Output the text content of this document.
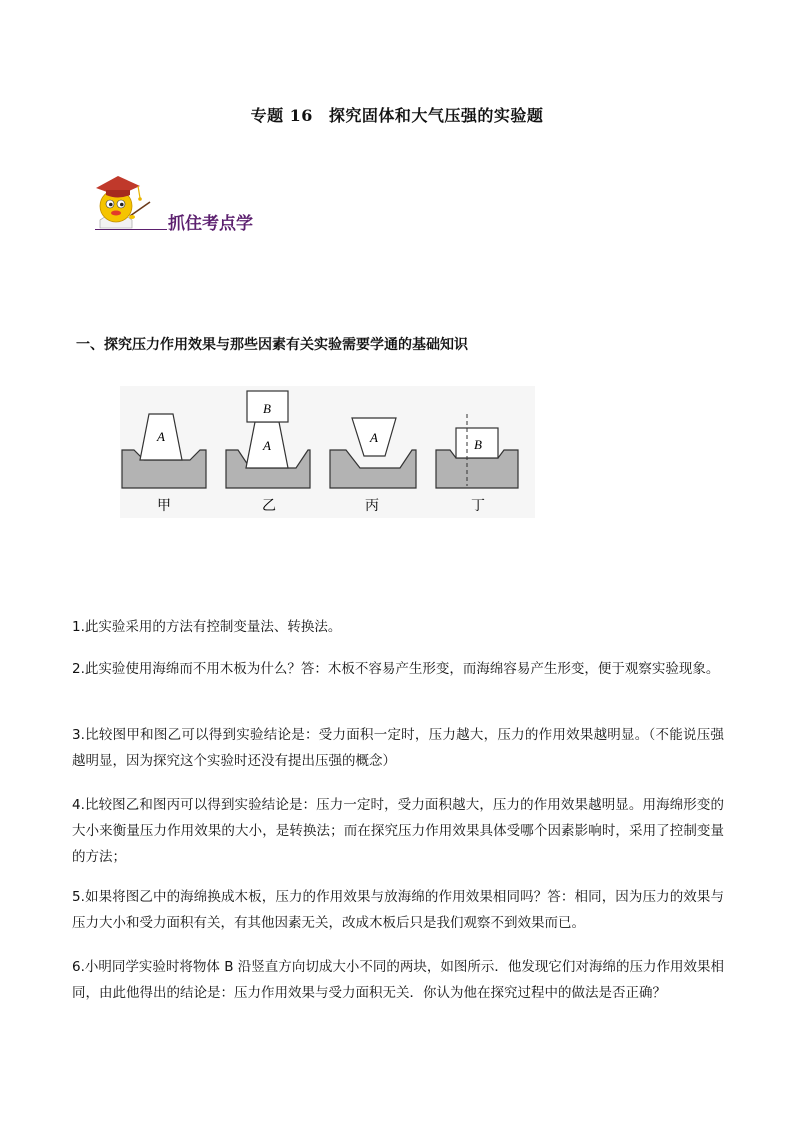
专题 16 探究固体和大气压强的实验题
抓住考点学
一、探究压力作用效果与那些因素有关实验需要学通的基础知识
A
甲
B
A
乙
A
丙
B
丁

1.此实验采用的方法有控制变量法、转换法。

2.此实验使用海绵而不用木板为什么？答：木板不容易产生形变，而海绵容易产生形变，便于观察实验现象。

3.比较图甲和图乙可以得到实验结论是：受力面积一定时，压力越大，压力的作用效果越明显。（不能说压强越明显，因为探究这个实验时还没有提出压强的概念）

4.比较图乙和图丙可以得到实验结论是：压力一定时，受力面积越大，压力的作用效果越明显。用海绵形变的大小来衡量压力作用效果的大小，是转换法；而在探究压力作用效果具体受哪个因素影响时，采用了控制变量的方法；

5.如果将图乙中的海绵换成木板，压力的作用效果与放海绵的作用效果相同吗？答：相同，因为压力的效果与压力大小和受力面积有关，有其他因素无关，改成木板后只是我们观察不到效果而已。

6.小明同学实验时将物体 B 沿竖直方向切成大小不同的两块，如图所示．他发现它们对海绵的压力作用效果相同，由此他得出的结论是：压力作用效果与受力面积无关．你认为他在探究过程中的做法是否正确？
